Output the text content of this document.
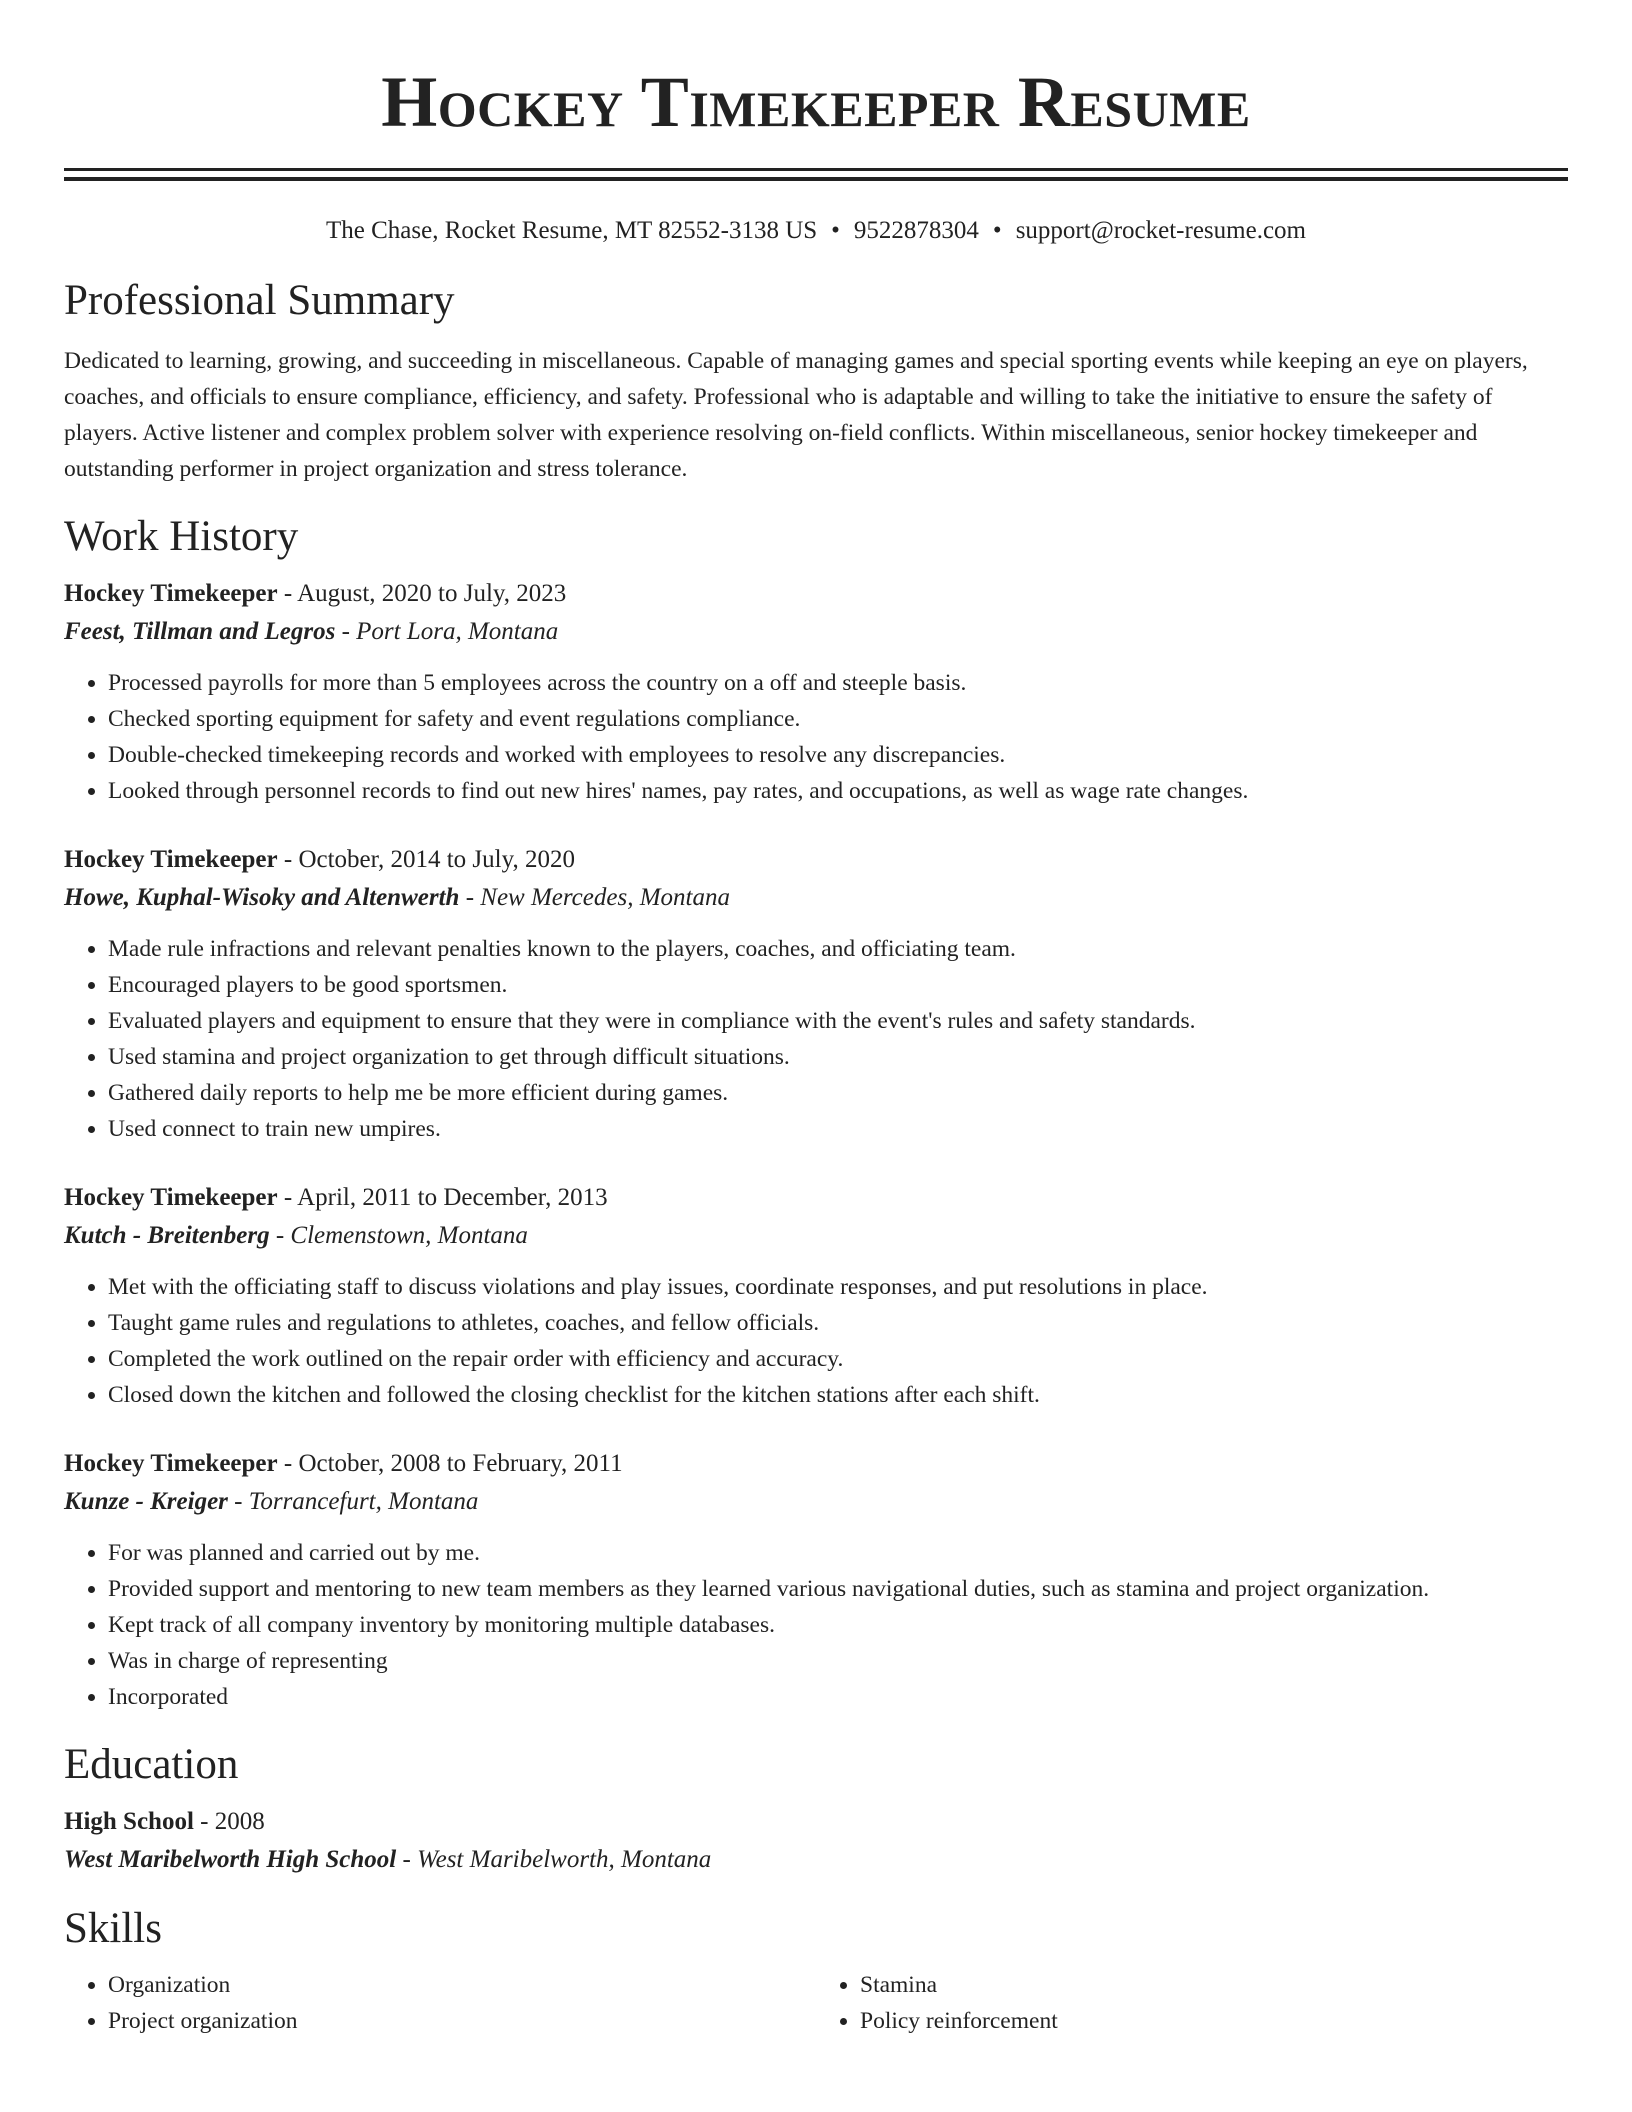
Hockey Timekeeper Resume
The Chase, Rocket Resume, MT 82552-3138 US • 9522878304 • support@rocket-resume.com
Professional Summary

Dedicated to learning, growing, and succeeding in miscellaneous. Capable of managing games and special sporting events while keeping an eye on players, coaches, and officials to ensure compliance, efficiency, and safety. Professional who is adaptable and willing to take the initiative to ensure the safety of players. Active listener and complex problem solver with experience resolving on-field conflicts. Within miscellaneous, senior hockey timekeeper and outstanding performer in project organization and stress tolerance.

Work History
Hockey Timekeeper - August, 2020 to July, 2023
Feest, Tillman and Legros - Port Lora, Montana
• Processed payrolls for more than 5 employees across the country on a off and steeple basis.
• Checked sporting equipment for safety and event regulations compliance.
• Double-checked timekeeping records and worked with employees to resolve any discrepancies.
• Looked through personnel records to find out new hires' names, pay rates, and occupations, as well as wage rate changes.
Hockey Timekeeper - October, 2014 to July, 2020
Howe, Kuphal-Wisoky and Altenwerth - New Mercedes, Montana
• Made rule infractions and relevant penalties known to the players, coaches, and officiating team.
• Encouraged players to be good sportsmen.
• Evaluated players and equipment to ensure that they were in compliance with the event's rules and safety standards.
• Used stamina and project organization to get through difficult situations.
• Gathered daily reports to help me be more efficient during games.
• Used connect to train new umpires.
Hockey Timekeeper - April, 2011 to December, 2013
Kutch - Breitenberg - Clemenstown, Montana
• Met with the officiating staff to discuss violations and play issues, coordinate responses, and put resolutions in place.
• Taught game rules and regulations to athletes, coaches, and fellow officials.
• Completed the work outlined on the repair order with efficiency and accuracy.
• Closed down the kitchen and followed the closing checklist for the kitchen stations after each shift.
Hockey Timekeeper - October, 2008 to February, 2011
Kunze - Kreiger - Torrancefurt, Montana
• For was planned and carried out by me.
• Provided support and mentoring to new team members as they learned various navigational duties, such as stamina and project organization.
• Kept track of all company inventory by monitoring multiple databases.
• Was in charge of representing
• Incorporated
Education
High School - 2008
West Maribelworth High School - West Maribelworth, Montana
Skills
• Organization
• Project organization
• Stamina
• Policy reinforcement
